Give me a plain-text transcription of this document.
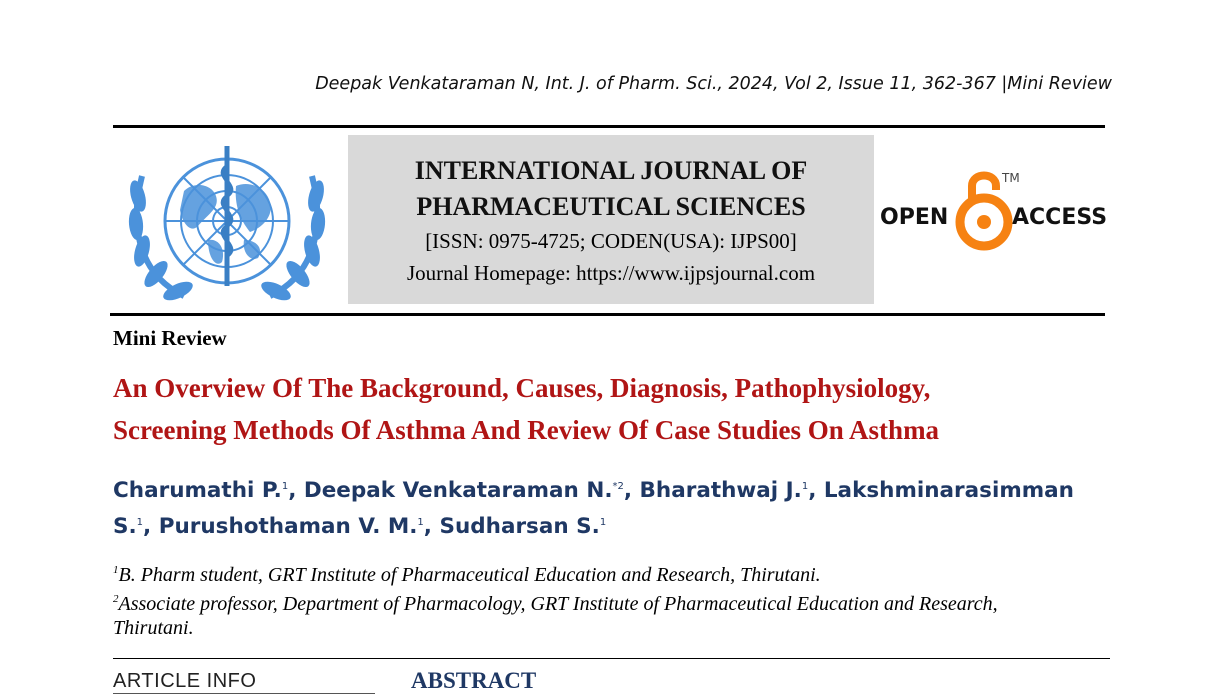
Deepak Venkataraman N, Int. J. of Pharm. Sci., 2024, Vol 2, Issue 11, 362-367 |Mini Review
INTERNATIONAL JOURNAL OF
PHARMACEUTICAL SCIENCES
[ISSN: 0975-4725; CODEN(USA): IJPS00]
Journal Homepage: https://www.ijpsjournal.com
OPEN	ACCESS
TM
Mini Review
An Overview Of The Background, Causes, Diagnosis, Pathophysiology,
Screening Methods Of Asthma And Review Of Case Studies On Asthma
Charumathi P.$^1$, Deepak Venkataraman N.$^{*2}$, Bharathwaj J.$^1$, Lakshminarasimman
S.$^1$, Purushothaman V. M.$^1$, Sudharsan S.$^1$
$^1$B. Pharm student, GRT Institute of Pharmaceutical Education and Research, Thirutani.
$^2$Associate professor, Department of Pharmacology, GRT Institute of Pharmaceutical Education and Research,
Thirutani.
ARTICLE INFO	ABSTRACT
